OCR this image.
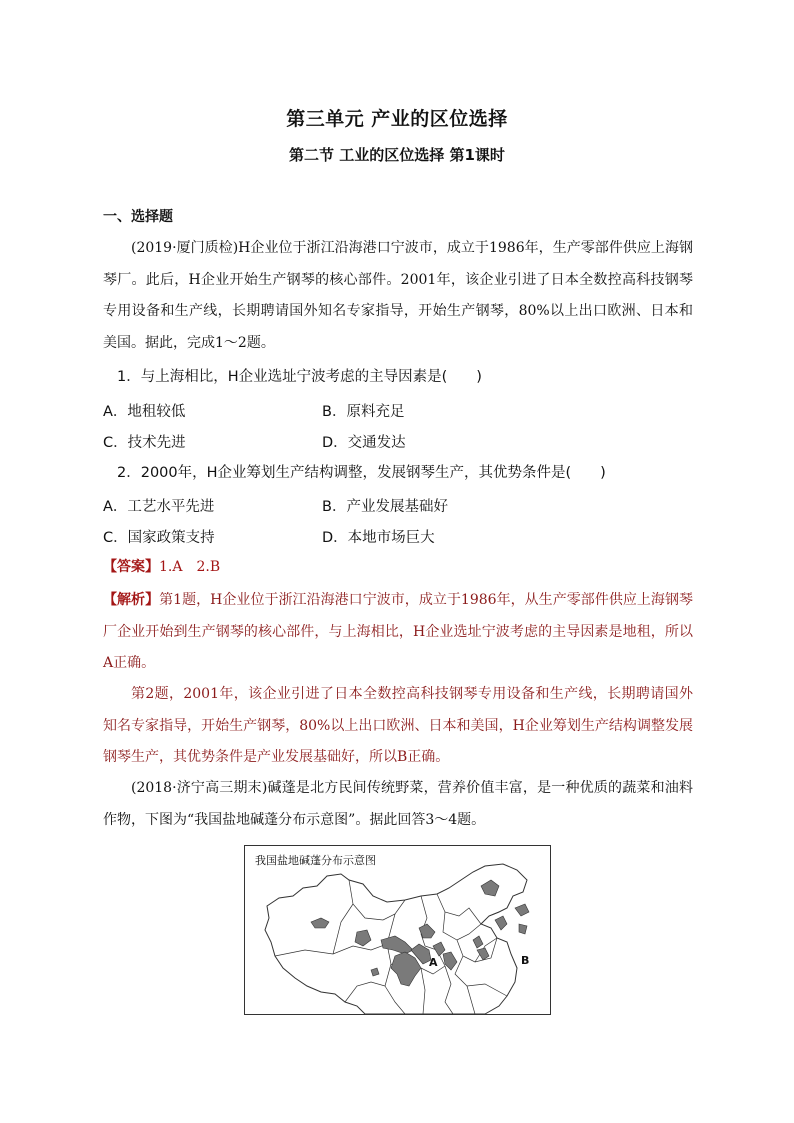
第三单元 产业的区位选择
第二节 工业的区位选择 第1课时
一、选择题

(2019·厦门质检)H企业位于浙江沿海港口宁波市，成立于1986年，生产零部件供应上海钢琴厂。此后，H企业开始生产钢琴的核心部件。2001年，该企业引进了日本全数控高科技钢琴专用设备和生产线，长期聘请国外知名专家指导，开始生产钢琴，80%以上出口欧洲、日本和美国。据此，完成1～2题。

1．与上海相比，H企业选址宁波考虑的主导因素是(　　)
A．地租较低	B．原料充足
C．技术先进	D．交通发达
2．2000年，H企业筹划生产结构调整，发展钢琴生产，其优势条件是(　　)
A．工艺水平先进	B．产业发展基础好
C．国家政策支持	D．本地市场巨大
【答案】1.A　2.B

【解析】第1题，H企业位于浙江沿海港口宁波市，成立于1986年，从生产零部件供应上海钢琴厂企业开始到生产钢琴的核心部件，与上海相比，H企业选址宁波考虑的主导因素是地租，所以A正确。

第2题，2001年，该企业引进了日本全数控高科技钢琴专用设备和生产线，长期聘请国外知名专家指导，开始生产钢琴，80%以上出口欧洲、日本和美国，H企业筹划生产结构调整发展钢琴生产，其优势条件是产业发展基础好，所以B正确。

(2018·济宁高三期末)碱蓬是北方民间传统野菜，营养价值丰富，是一种优质的蔬菜和油料作物，下图为“我国盐地碱蓬分布示意图”。据此回答3～4题。

我国盐地碱蓬分布示意图
A	B
